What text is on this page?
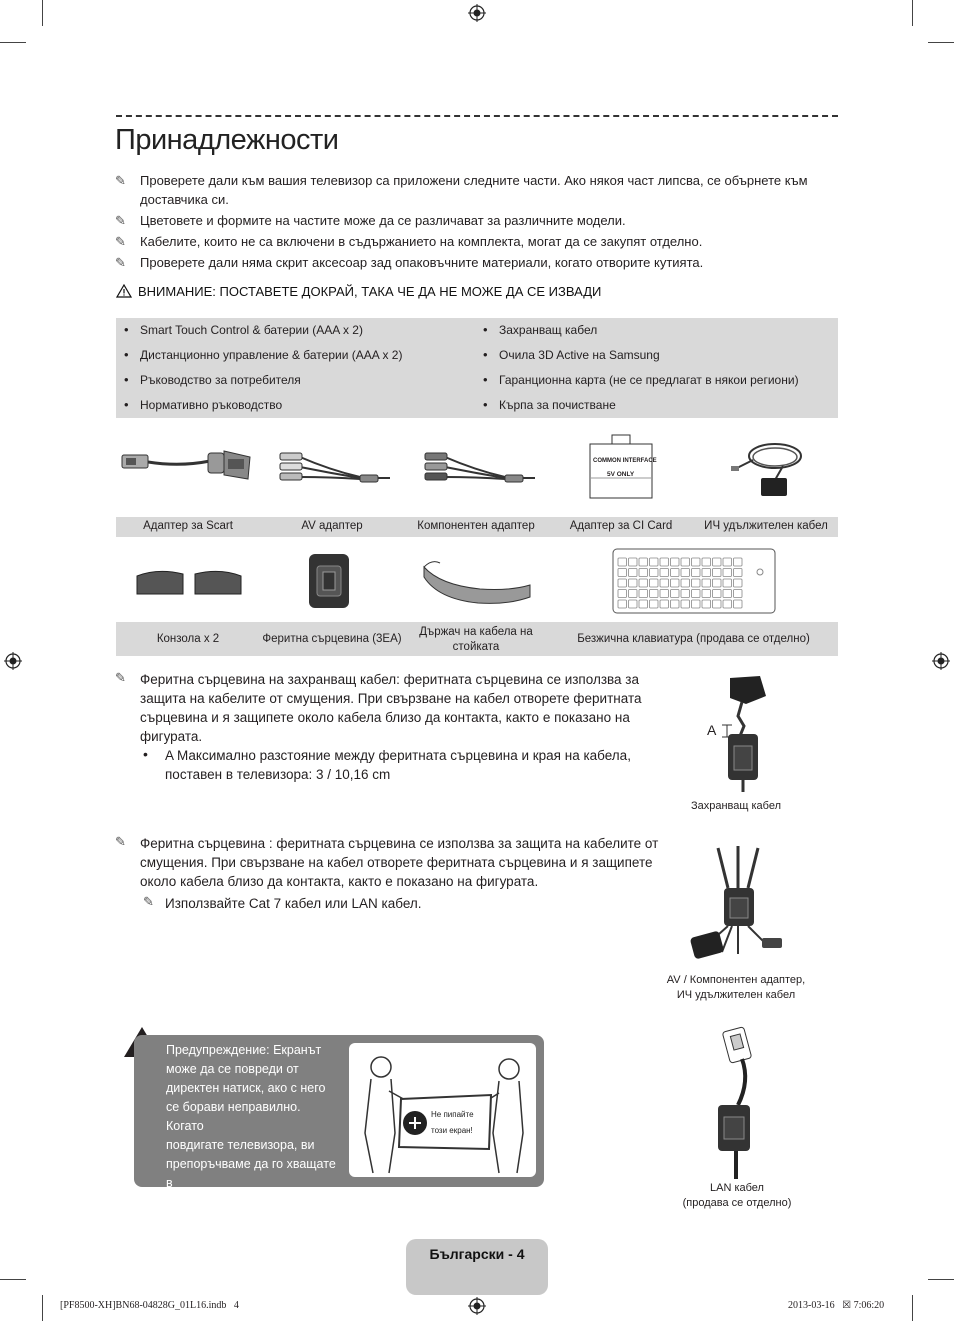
Принадлежности
✎	Проверете дали към вашия телевизор са приложени следните части. Ако някоя част липсва, се обърнете към
доставчика си.
✎	Цветовете и формите на частите може да се различават за различните модели.
✎	Кабелите, които не са включени в съдържанието на комплекта, могат да се закупят отделно.
✎	Проверете дали няма скрит аксесоар зад опаковъчните материали, когато отворите кутията.
ВНИМАНИЕ: ПОСТАВЕТЕ ДОКРАЙ, ТАКА ЧЕ ДА НЕ МОЖЕ ДА СЕ ИЗВАДИ
• Smart Touch Control & батерии (AAA x 2)
• Дистанционно управление & батерии (AAA x 2)
• Ръководство за потребителя
• Нормативно ръководство
• Захранващ кабел
• Очила 3D Active на Samsung
• Гаранционна карта (не се предлагат в някои региони)
• Кърпа за почистване
COMMON INTERFACE
5V ONLY
Адаптер за Scart	AV адаптер	Компонентен адаптер	Адаптер за CI Card	ИЧ удължителен кабел
Конзола x 2	Феритна сърцевина (3EA)
Държач на кабела на
стойката
Безжична клавиатура (продава се отделно)
✎ Феритна сърцевина на захранващ кабел: феритната сърцевина се използва за
защита на кабелите от смущения. При свързване на кабел отворете феритната
сърцевина и я защипете около кабела близо да контакта, както е показано на
фигурата.
• A Максимално разстояние между феритната сърцевина и края на кабела,
поставен в телевизора: 3 / 10,16 cm
A
Захранващ кабел
✎ Феритна сърцевина : феритната сърцевина се използва за защита на кабелите от
смущения. При свързване на кабел отворете феритната сърцевина и я защипете
около кабела близо да контакта, както е показано на фигурата.
✎ Използвайте Cat 7 кабел или LAN кабел.
AV / Компонентен адаптер,
ИЧ удължителен кабел
LAN кабел
(продава се отделно)
Предупреждение: Екранът
може да се повреди от
директен натиск, ако с него
се борави неправилно. Когато
повдигате телевизора, ви
препоръчваме да го хващате в
краищата, както е показно.
Не пипайте
този екран!
Български - 4
[PF8500-XH]BN68-04828G_01L16.indb   4	2013-03-16   ☒ 7:06:20
